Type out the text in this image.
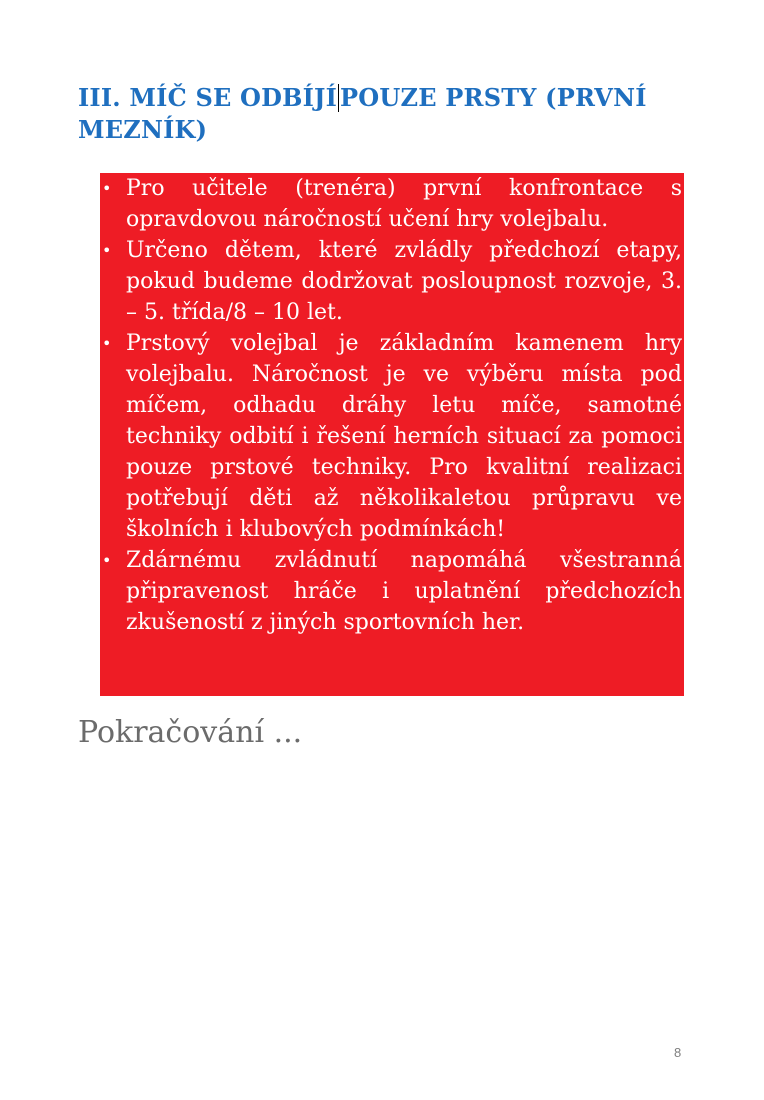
III. MÍČ SE ODBÍJÍ POUZE PRSTY (PRVNÍ MEZNÍK)
• Pro učitele (trenéra) první konfrontace s opravdovou náročností učení hry volejbalu.
• Určeno dětem, které zvládly předchozí etapy, pokud budeme dodržovat posloupnost rozvoje, 3. – 5. třída/8 – 10 let.
• Prstový volejbal je základním kamenem hry volejbalu. Náročnost je ve výběru místa pod míčem, odhadu dráhy letu míče, samotné techniky odbití i řešení herních situací za pomoci pouze prstové techniky. Pro kvalitní realizaci potřebují děti až několikaletou průpravu ve školních i klubových podmínkách!
• Zdárnému zvládnutí napomáhá všestranná připravenost hráče i uplatnění předchozích zkušeností z jiných sportovních her.
Pokračování ...
8
